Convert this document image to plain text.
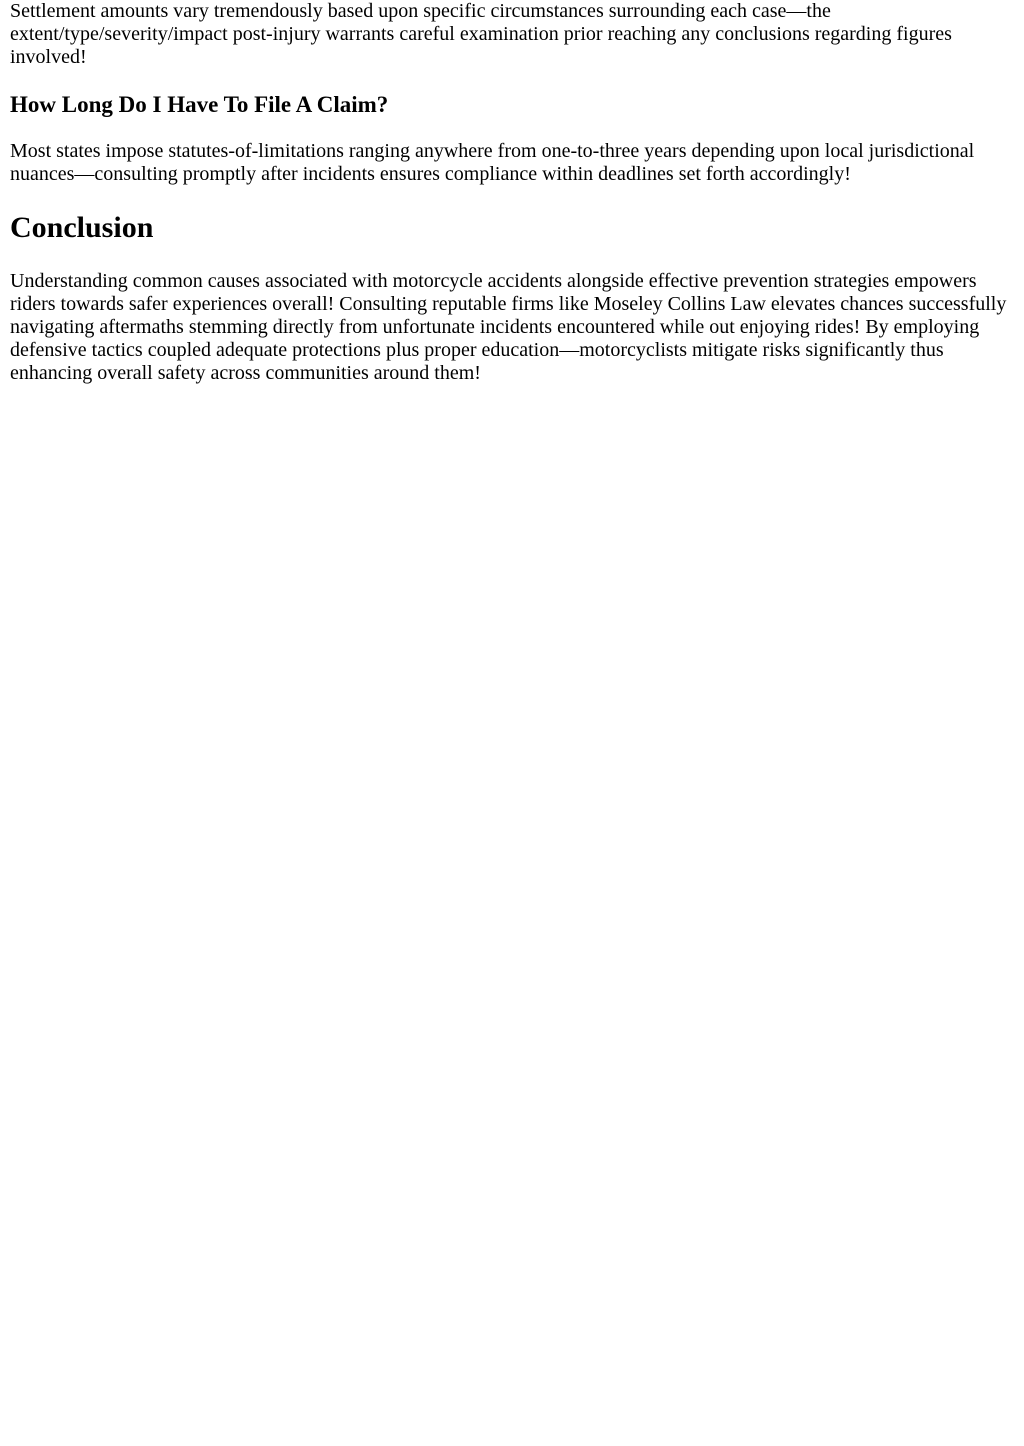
Settlement amounts vary tremendously based upon specific circumstances surrounding each case—the extent/type/severity/impact post-injury warrants careful examination prior reaching any conclusions regarding figures involved!

How Long Do I Have To File A Claim?

Most states impose statutes-of-limitations ranging anywhere from one-to-three years depending upon local jurisdictional nuances—consulting promptly after incidents ensures compliance within deadlines set forth accordingly!

Conclusion

Understanding common causes associated with motorcycle accidents alongside effective prevention strategies empowers riders towards safer experiences overall! Consulting reputable firms like Moseley Collins Law elevates chances successfully navigating aftermaths stemming directly from unfortunate incidents encountered while out enjoying rides! By employing defensive tactics coupled adequate protections plus proper education—motorcyclists mitigate risks significantly thus enhancing overall safety across communities around them!
